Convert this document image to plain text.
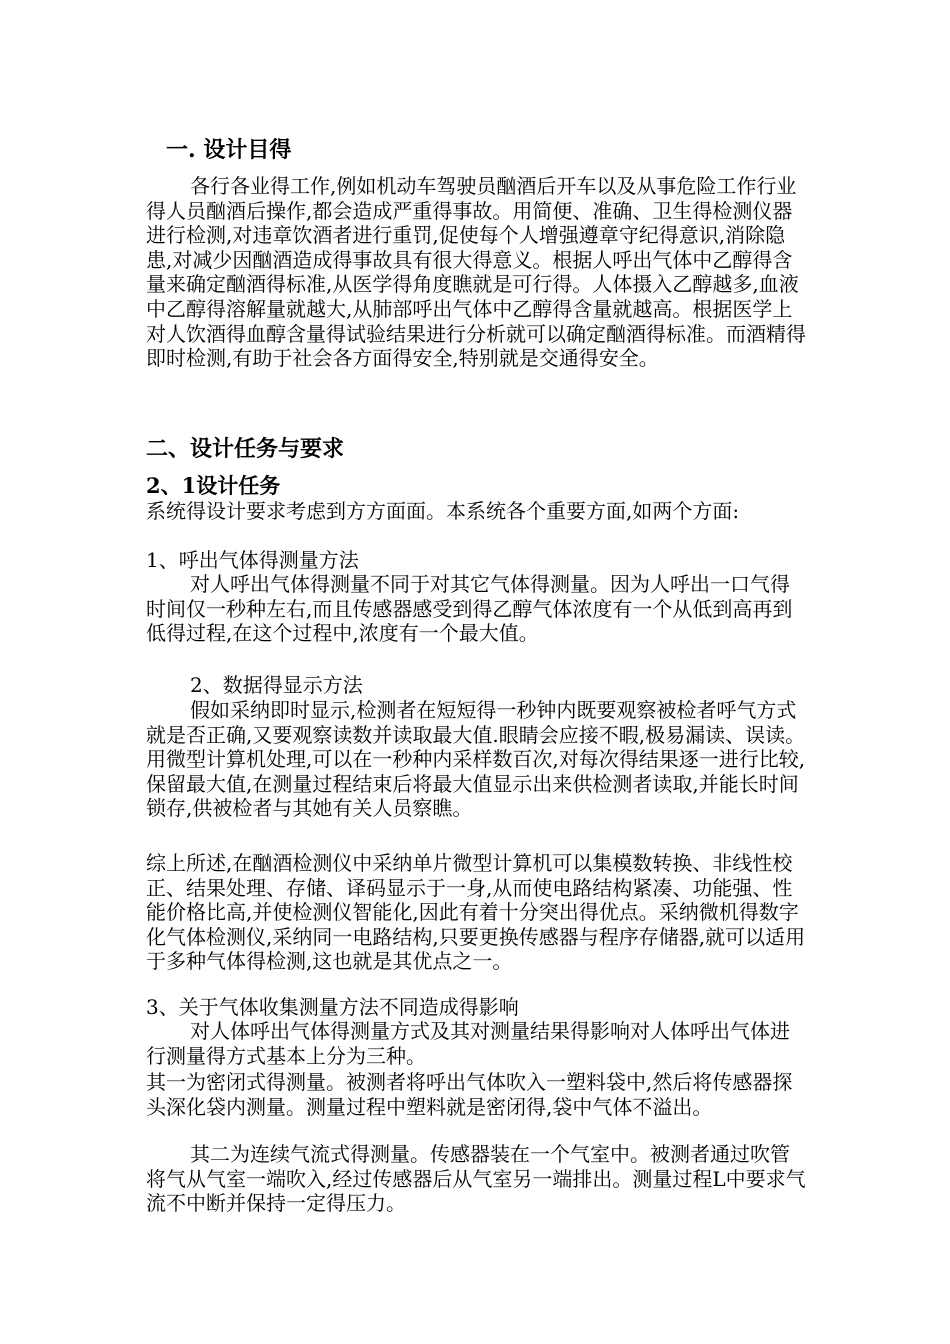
一. 设计目得
各行各业得工作,例如机动车驾驶员酗酒后开车以及从事危险工作行业得人员酗酒后操作,都会造成严重得事故。用简便、准确、卫生得检测仪器进行检测,对违章饮酒者进行重罚,促使每个人增强遵章守纪得意识,消除隐患,对减少因酗酒造成得事故具有很大得意义。根据人呼出气体中乙醇得含量来确定酗酒得标准,从医学得角度瞧就是可行得。人体摄入乙醇越多,血液中乙醇得溶解量就越大,从肺部呼出气体中乙醇得含量就越高。根据医学上对人饮酒得血醇含量得试验结果进行分析就可以确定酗酒得标准。而酒精得即时检测,有助于社会各方面得安全,特别就是交通得安全。
二、设计任务与要求
2、1设计任务
系统得设计要求考虑到方方面面。本系统各个重要方面,如两个方面:
1、呼出气体得测量方法
对人呼出气体得测量不同于对其它气体得测量。因为人呼出一口气得时间仅一秒种左右,而且传感器感受到得乙醇气体浓度有一个从低到高再到低得过程,在这个过程中,浓度有一个最大值。
2、数据得显示方法
假如采纳即时显示,检测者在短短得一秒钟内既要观察被检者呼气方式就是否正确,又要观察读数并读取最大值.眼睛会应接不暇,极易漏读、误读。用微型计算机处理,可以在一秒种内采样数百次,对每次得结果逐一进行比较,保留最大值,在测量过程结束后将最大值显示出来供检测者读取,并能长时间锁存,供被检者与其她有关人员察瞧。
综上所述,在酗酒检测仪中采纳单片微型计算机可以集模数转换、非线性校正、结果处理、存储、译码显示于一身,从而使电路结构紧凑、功能强、性能价格比高,并使检测仪智能化,因此有着十分突出得优点。采纳微机得数字化气体检测仪,采纳同一电路结构,只要更换传感器与程序存储器,就可以适用于多种气体得检测,这也就是其优点之一。
3、关于气体收集测量方法不同造成得影响
对人体呼出气体得测量方式及其对测量结果得影响对人体呼出气体进行测量得方式基本上分为三种。
其一为密闭式得测量。被测者将呼出气体吹入一塑料袋中,然后将传感器探头深化袋内测量。测量过程中塑料就是密闭得,袋中气体不溢出。
其二为连续气流式得测量。传感器装在一个气室中。被测者通过吹管将气从气室一端吹入,经过传感器后从气室另一端排出。测量过程L中要求气流不中断并保持一定得压力。
